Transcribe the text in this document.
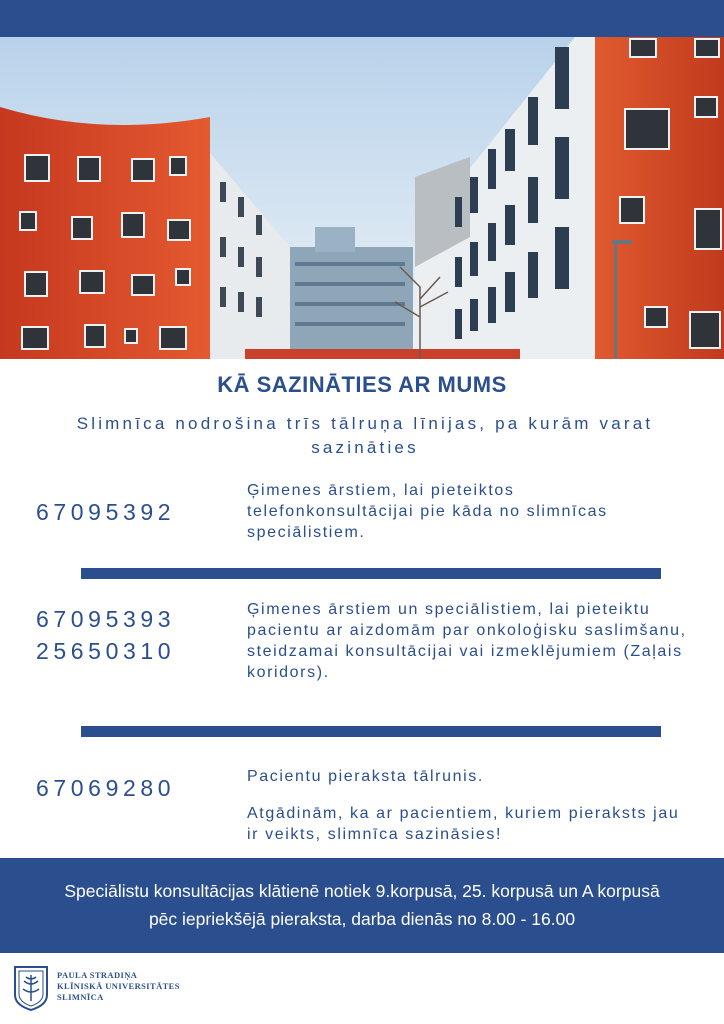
KĀ SAZINĀTIES AR MUMS
Slimnīca nodrošina trīs tālruņa līnijas, pa kurām varat sazināties
67095392
Ģimenes ārstiem, lai pieteiktos telefonkonsultācijai pie kāda no slimnīcas speciālistiem.
67095393
25650310
Ģimenes ārstiem un speciālistiem, lai pieteiktu pacientu ar aizdomām par onkoloģisku saslimšanu, steidzamai konsultācijai vai izmeklējumiem (Zaļais koridors).
67069280	Pacientu pieraksta tālrunis.
Atgādinām, ka ar pacientiem, kuriem pieraksts jau ir veikts, slimnīca sazināsies!
Speciālistu konsultācijas klātienē notiek 9.korpusā, 25. korpusā un A korpusā
pēc iepriekšējā pieraksta, darba dienās no 8.00 - 16.00
PAULA STRADIŅA
KLĪNISKĀ UNIVERSITĀTES
SLIMNĪCA
